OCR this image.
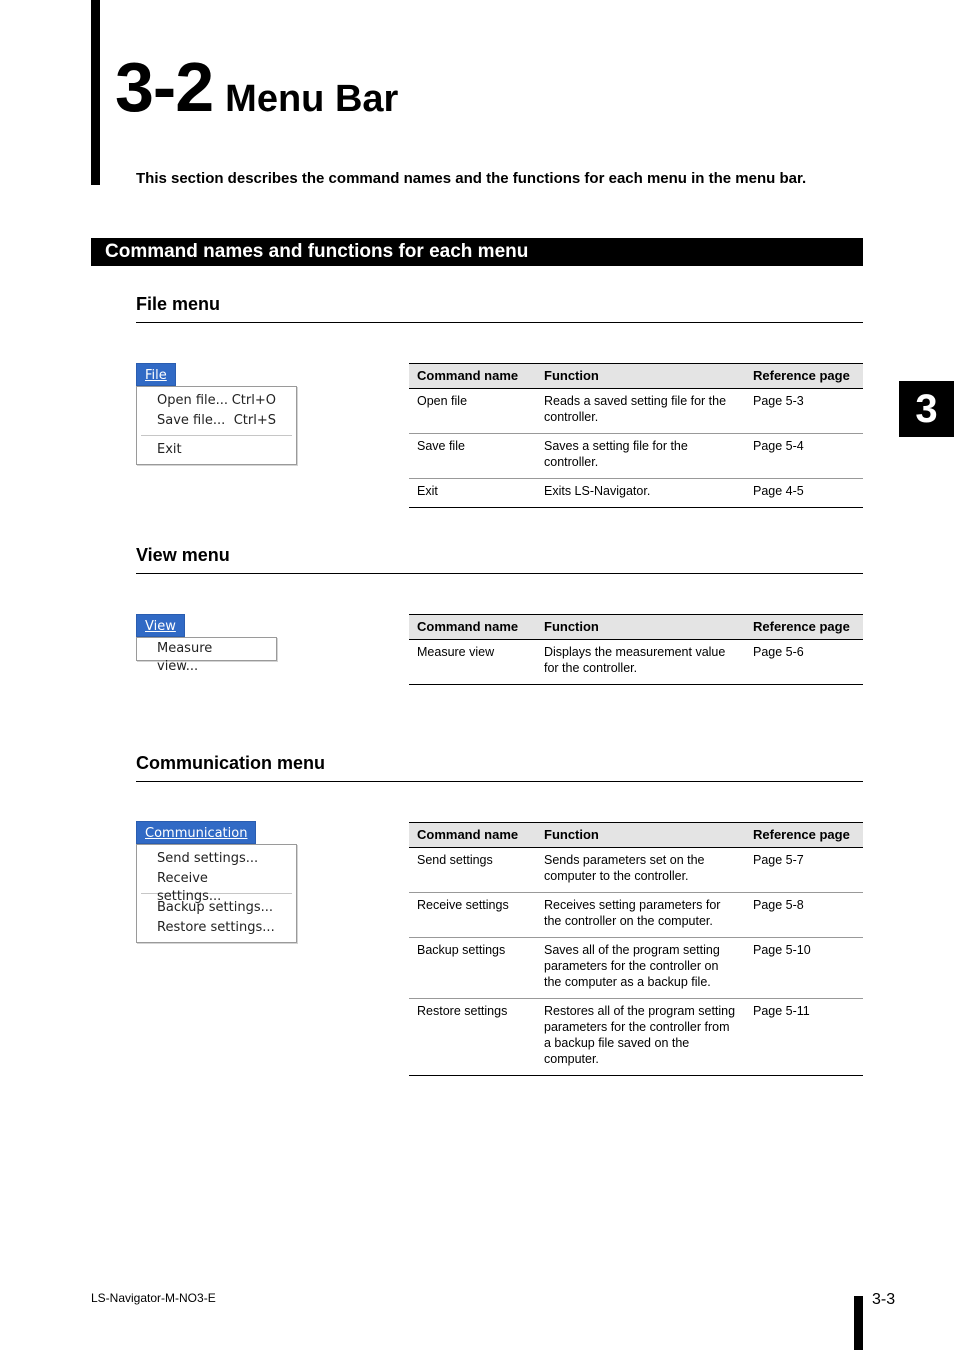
3-2 Menu Bar
This section describes the command names and the functions for each menu in the menu bar.
Command names and functions for each menu
3
File menu
File
Open file... Ctrl+O
Save file... Ctrl+S
Exit
Command name	Function	Reference page
Open file	Reads a saved setting file for the controller.	Page 5-3
Save file	Saves a setting file for the controller.	Page 5-4
Exit	Exits LS-Navigator.	Page 4-5
View menu
View
Measure view...
Command name	Function	Reference page
Measure view	Displays the measurement value for the controller.	Page 5-6
Communication menu
Communication
Send settings...
Receive settings...
Backup settings...
Restore settings...
Command name	Function	Reference page
Send settings	Sends parameters set on the computer to the controller.	Page 5-7
Receive settings	Receives setting parameters for the controller on the computer.	Page 5-8
Backup settings	Saves all of the program setting parameters for the controller on the computer as a backup file.	Page 5-10
Restore settings	Restores all of the program setting parameters for the controller from a backup file saved on the computer.	Page 5-11
LS-Navigator-M-NO3-E	3-3
